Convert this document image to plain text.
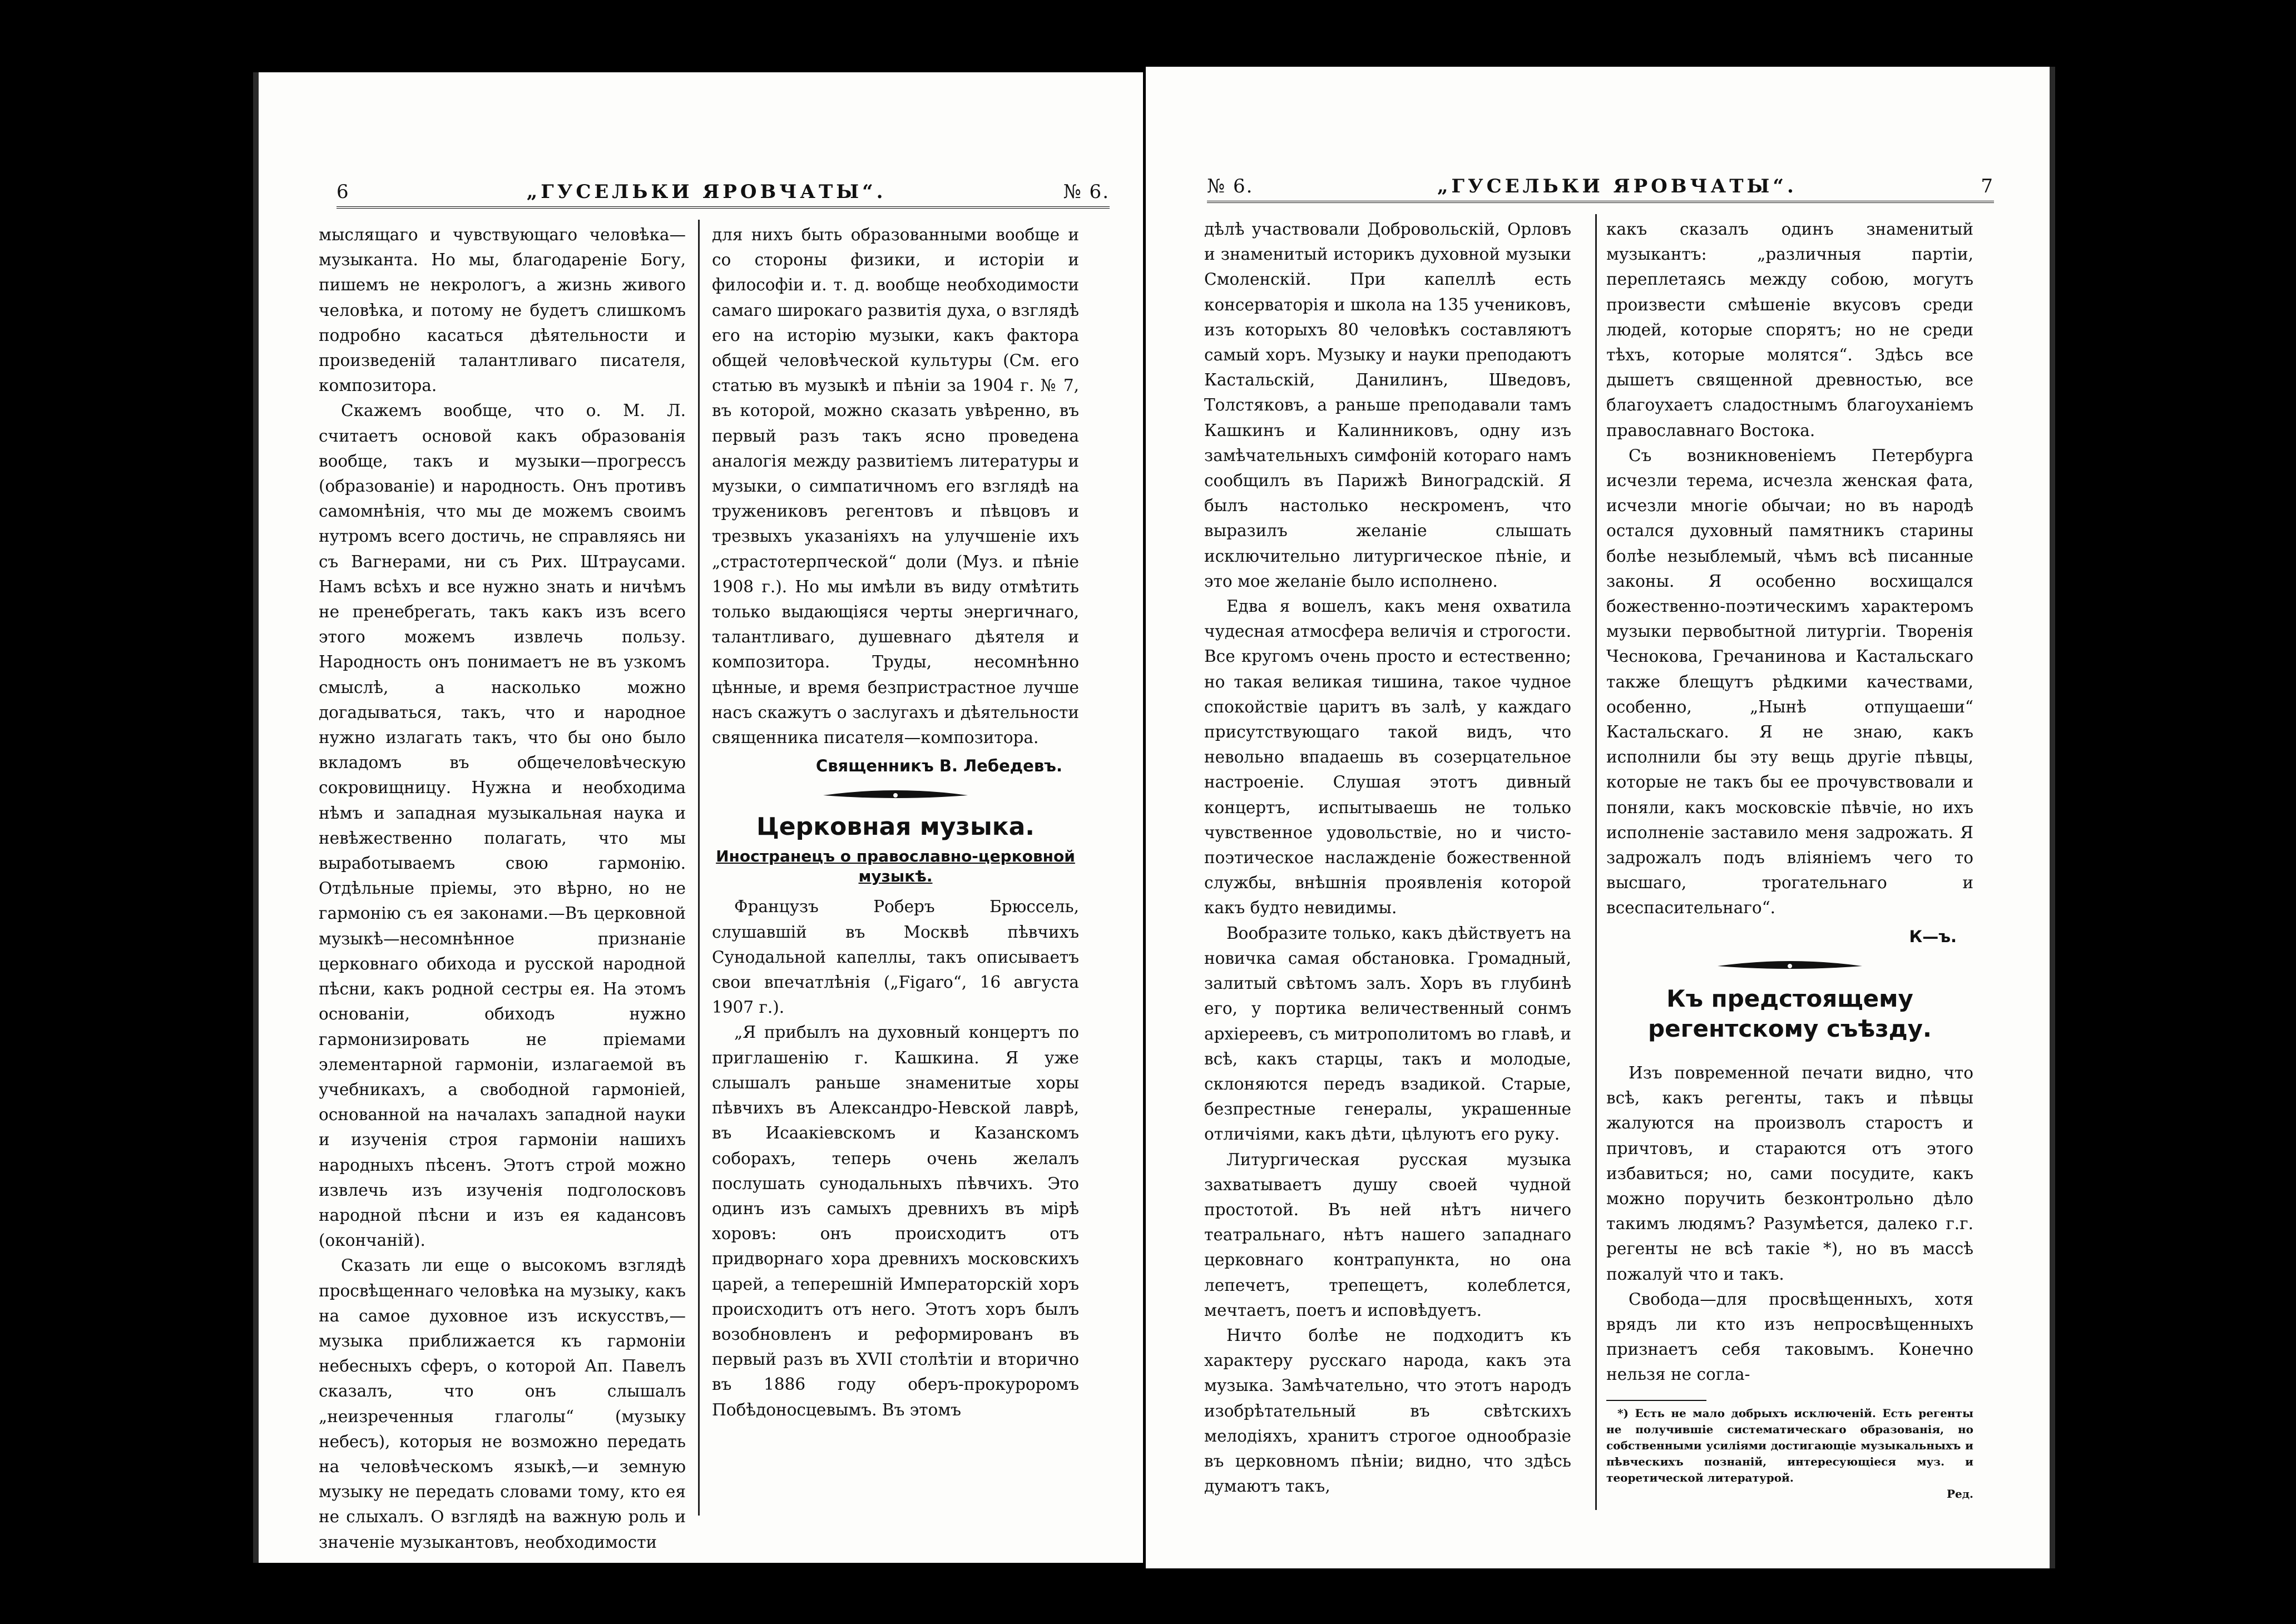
6	„ГУСЕЛЬКИ ЯРОВЧАТЫ“.	№ 6.

мыслящаго и чувствующаго человѣка—музыканта. Но мы, благодареніе Богу, пишемъ не некрологъ, а жизнь живого человѣка, и потому не будетъ слишкомъ подробно касаться дѣятельности и произведеній талантливаго писателя, композитора.

Скажемъ вообще, что о. М. Л. считаетъ основой какъ образованія вообще, такъ и музыки—прогрессъ (образованіе) и народность. Онъ противъ самомнѣнія, что мы де можемъ своимъ нутромъ всего достичь, не справляясь ни съ Вагнерами, ни съ Рих. Штраусами. Намъ всѣхъ и все нужно знать и ничѣмъ не пренебрегать, такъ какъ изъ всего этого можемъ извлечь пользу. Народность онъ понимаетъ не въ узкомъ смыслѣ, а насколько можно догадываться, такъ, что и народное нужно излагать такъ, что бы оно было вкладомъ въ общечеловѣческую сокровищницу. Нужна и необходима нѣмъ и западная музыкальная наука и невѣжественно полагать, что мы выработываемъ свою гармонію. Отдѣльные пріемы, это вѣрно, но не гармонію съ ея законами.—Въ церковной музыкѣ—несомнѣнное признаніе церковнаго обихода и русской народной пѣсни, какъ родной сестры ея. На этомъ основаніи, обиходъ нужно гармонизировать не пріемами элементарной гармоніи, излагаемой въ учебникахъ, а свободной гармоніей, основанной на началахъ западной науки и изученія строя гармоніи нашихъ народныхъ пѣсенъ. Этотъ строй можно извлечь изъ изученія подголосковъ народной пѣсни и изъ ея кадансовъ (окончаній).

Сказать ли еще о высокомъ взглядѣ просвѣщеннаго человѣка на музыку, какъ на самое духовное изъ искусствъ,—музыка приближается къ гармоніи небесныхъ сферъ, о которой Ап. Павелъ сказалъ, что онъ слышалъ „неизреченныя глаголы“ (музыку небесъ), которыя не возможно передать на человѣческомъ языкѣ,—и земную музыку не передать словами тому, кто ея не слыхалъ. О взглядѣ на важную роль и значеніе музыкантовъ, необходимости

для нихъ быть образованными вообще и со стороны физики, и исторіи и философіи и. т. д. вообще необходимости самаго широкаго развитія духа, о взглядѣ его на исторію музыки, какъ фактора общей человѣческой культуры (См. его статью въ музыкѣ и пѣніи за 1904 г. № 7, въ которой, можно сказать увѣренно, въ первый разъ такъ ясно проведена аналогія между развитіемъ литературы и музыки, о симпатичномъ его взглядѣ на тружениковъ регентовъ и пѣвцовъ и трезвыхъ указаніяхъ на улучшеніе ихъ „страстотерпческой“ доли (Муз. и пѣніе 1908 г.). Но мы имѣли въ виду отмѣтить только выдающіяся черты энергичнаго, талантливаго, душевнаго дѣятеля и композитора. Труды, несомнѣнно цѣнные, и время безпристрастное лучше насъ скажутъ о заслугахъ и дѣятельности священника писателя—композитора.

Священникъ В. Лебедевъ.
Церковная музыка.
Иностранецъ о православно-церковной музыкѣ.

Французъ Роберъ Брюссель, слушавшій въ Москвѣ пѣвчихъ Сунодальной капеллы, такъ описываетъ свои впечатлѣнія („Figaro“, 16 августа 1907 г.).

„Я прибылъ на духовный концертъ по приглашенію г. Кашкина. Я уже слышалъ раньше знаменитые хоры пѣвчихъ въ Александро-Невской лаврѣ, въ Исаакіевскомъ и Казанскомъ соборахъ, теперь очень желалъ послушать сунодальныхъ пѣвчихъ. Это одинъ изъ самыхъ древнихъ въ мірѣ хоровъ: онъ происходитъ отъ придворнаго хора древнихъ московскихъ царей, а теперешній Императорскій хоръ происходитъ отъ него. Этотъ хоръ былъ возобновленъ и реформированъ въ первый разъ въ XVII столѣтіи и вторично въ 1886 году оберъ-прокуроромъ Побѣдоносцевымъ. Въ этомъ

№ 6.	„ГУСЕЛЬКИ ЯРОВЧАТЫ“.	7

дѣлѣ участвовали Добровольскій, Орловъ и знаменитый историкъ духовной музыки Смоленскій. При капеллѣ есть консерваторія и школа на 135 учениковъ, изъ которыхъ 80 человѣкъ составляютъ самый хоръ. Музыку и науки преподаютъ Кастальскій, Данилинъ, Шведовъ, Толстяковъ, а раньше преподавали тамъ Кашкинъ и Калинниковъ, одну изъ замѣчательныхъ симфоній котораго намъ сообщилъ въ Парижѣ Виноградскій. Я былъ настолько нескроменъ, что выразилъ желаніе слышать исключительно литургическое пѣніе, и это мое желаніе было исполнено.

Едва я вошелъ, какъ меня охватила чудесная атмосфера величія и строгости. Все кругомъ очень просто и естественно; но такая великая тишина, такое чудное спокойствіе царитъ въ залѣ, у каждаго присутствующаго такой видъ, что невольно впадаешь въ созерцательное настроеніе. Слушая этотъ дивный концертъ, испытываешь не только чувственное удовольствіе, но и чисто-поэтическое наслажденіе божественной службы, внѣшнія проявленія которой какъ будто невидимы.

Вообразите только, какъ дѣйствуетъ на новичка самая обстановка. Громадный, залитый свѣтомъ залъ. Хоръ въ глубинѣ его, у портика величественный сонмъ архіереевъ, съ митрополитомъ во главѣ, и всѣ, какъ старцы, такъ и молодые, склоняются передъ взадикой. Старые, безпрестные генералы, украшенные отличіями, какъ дѣти, цѣлуютъ его руку.

Литургическая русская музыка захватываетъ душу своей чудной простотой. Въ ней нѣтъ ничего театральнаго, нѣтъ нашего западнаго церковнаго контрапункта, но она лепечетъ, трепещетъ, колеблется, мечтаетъ, поетъ и исповѣдуетъ.

Ничто болѣе не подходитъ къ характеру русскаго народа, какъ эта музыка. Замѣчательно, что этотъ народъ изобрѣтательный въ свѣтскихъ мелодіяхъ, хранитъ строгое однообразіе въ церковномъ пѣніи; видно, что здѣсь думаютъ такъ,

какъ сказалъ одинъ знаменитый музыкантъ: „различныя партіи, переплетаясь между собою, могутъ произвести смѣшеніе вкусовъ среди людей, которые спорятъ; но не среди тѣхъ, которые молятся“. Здѣсь все дышетъ священной древностью, все благоухаетъ сладостнымъ благоуханіемъ православнаго Востока.

Съ возникновеніемъ Петербурга исчезли терема, исчезла женская фата, исчезли многіе обычаи; но въ народѣ остался духовный памятникъ старины болѣе незыблемый, чѣмъ всѣ писанные законы. Я особенно восхищался божественно-поэтическимъ характеромъ музыки первобытной литургіи. Творенія Чеснокова, Гречанинова и Кастальскаго также блещутъ рѣдкими качествами, особенно, „Нынѣ отпущаеши“ Кастальскаго. Я не знаю, какъ исполнили бы эту вещь другіе пѣвцы, которые не такъ бы ее прочувствовали и поняли, какъ московскіе пѣвчіе, но ихъ исполненіе заставило меня задрожать. Я задрожалъ подъ вліяніемъ чего то высшаго, трогательнаго и всеспасительнаго“.

К—ъ.
Къ предстоящему регентскому съѣзду.

Изъ повременной печати видно, что всѣ, какъ регенты, такъ и пѣвцы жалуются на произволъ старостъ и причтовъ, и стараются отъ этого избавиться; но, сами посудите, какъ можно поручить безконтрольно дѣло такимъ людямъ? Разумѣется, далеко г.г. регенты не всѣ такіе *), но въ массѣ пожалуй что и такъ.

Свобода—для просвѣщенныхъ, хотя врядъ ли кто изъ непросвѣщенныхъ признаетъ себя таковымъ. Конечно нельзя не согла-

*) Есть не мало добрыхъ исключеній. Есть регенты не получившіе систематическаго образованія, но собственными усиліями достигающіе музыкальныхъ и пѣвческихъ познаній, интересующіеся муз. и теоретической литературой.
Ред.
